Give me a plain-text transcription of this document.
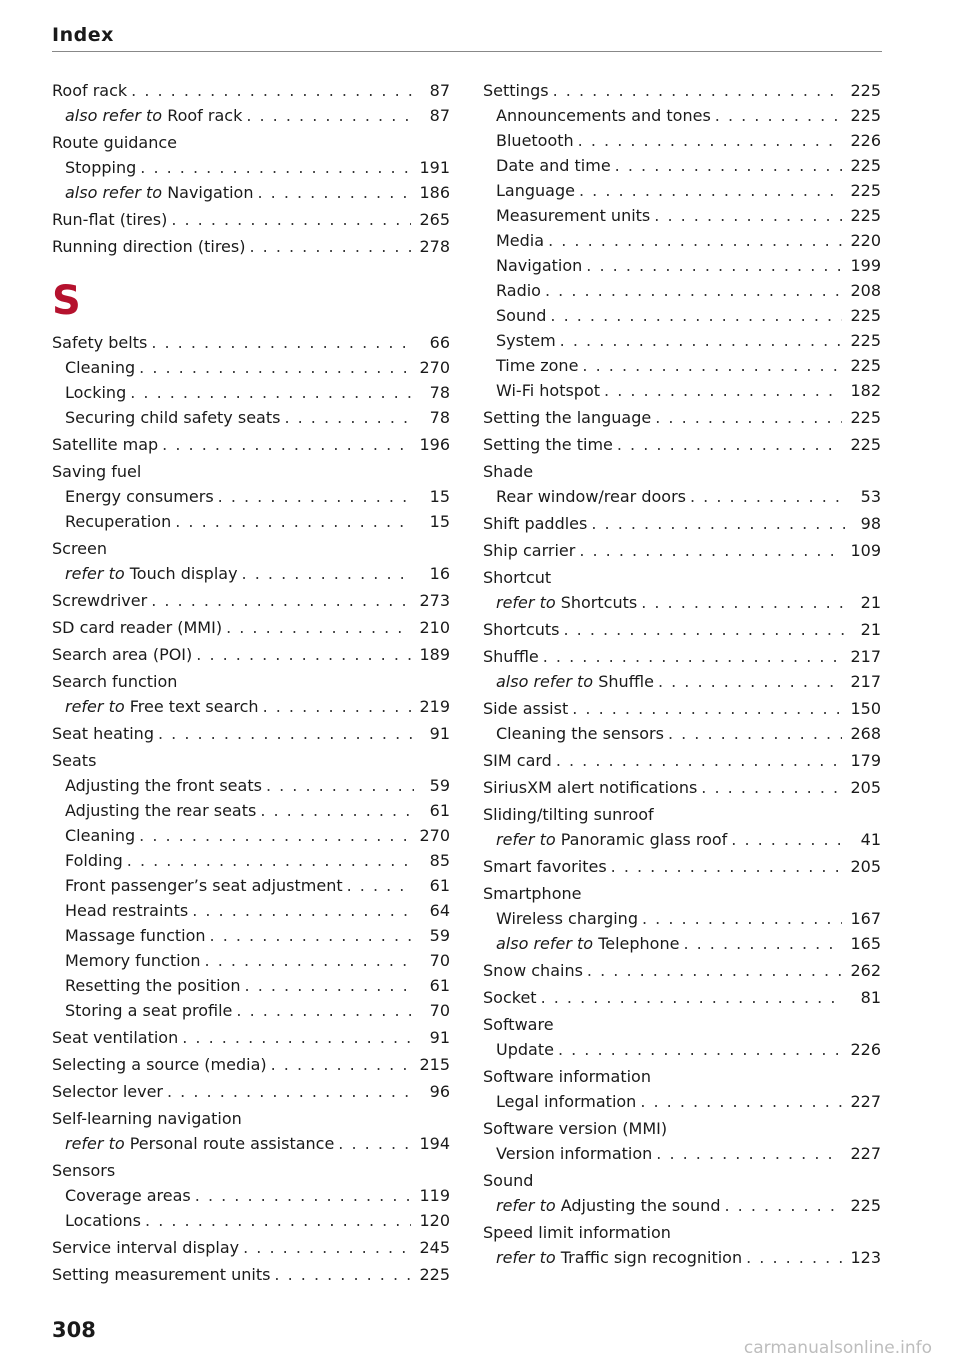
Index
Roof rack . . .	87
also refer to Roof rack . . .	87
Route guidance
Stopping . . .	191
also refer to Navigation . . .	186
Run-flat (tires) . . .	265
Running direction (tires) . . .	278
S
Safety belts . . .	66
Cleaning . . .	270
Locking . . .	78
Securing child safety seats . . .	78
Satellite map . . .	196
Saving fuel
Energy consumers . . .	15
Recuperation . . .	15
Screen
refer to Touch display . . .	16
Screwdriver . . .	273
SD card reader (MMI) . . .	210
Search area (POI) . . .	189
Search function
refer to Free text search . . .	219
Seat heating . . .	91
Seats
Adjusting the front seats . . .	59
Adjusting the rear seats . . .	61
Cleaning . . .	270
Folding . . .	85
Front passenger’s seat adjustment . . .	61
Head restraints . . .	64
Massage function . . .	59
Memory function . . .	70
Resetting the position . . .	61
Storing a seat profile . . .	70
Seat ventilation . . .	91
Selecting a source (media) . . .	215
Selector lever . . .	96
Self-learning navigation
refer to Personal route assistance . . .	194
Sensors
Coverage areas . . .	119
Locations . . .	120
Service interval display . . .	245
Setting measurement units . . .	225
Settings . . .	225
Announcements and tones . . .	225
Bluetooth . . .	226
Date and time . . .	225
Language . . .	225
Measurement units . . .	225
Media . . .	220
Navigation . . .	199
Radio . . .	208
Sound . . .	225
System . . .	225
Time zone . . .	225
Wi-Fi hotspot . . .	182
Setting the language . . .	225
Setting the time . . .	225
Shade
Rear window/rear doors . . .	53
Shift paddles . . .	98
Ship carrier . . .	109
Shortcut
refer to Shortcuts . . .	21
Shortcuts . . .	21
Shuffle . . .	217
also refer to Shuffle . . .	217
Side assist . . .	150
Cleaning the sensors . . .	268
SIM card . . .	179
SiriusXM alert notifications . . .	205
Sliding/tilting sunroof
refer to Panoramic glass roof . . .	41
Smart favorites . . .	205
Smartphone
Wireless charging . . .	167
also refer to Telephone . . .	165
Snow chains . . .	262
Socket . . .	81
Software
Update . . .	226
Software information
Legal information . . .	227
Software version (MMI)
Version information . . .	227
Sound
refer to Adjusting the sound . . .	225
Speed limit information
refer to Traffic sign recognition . . .	123
308
carmanualsonline.info
